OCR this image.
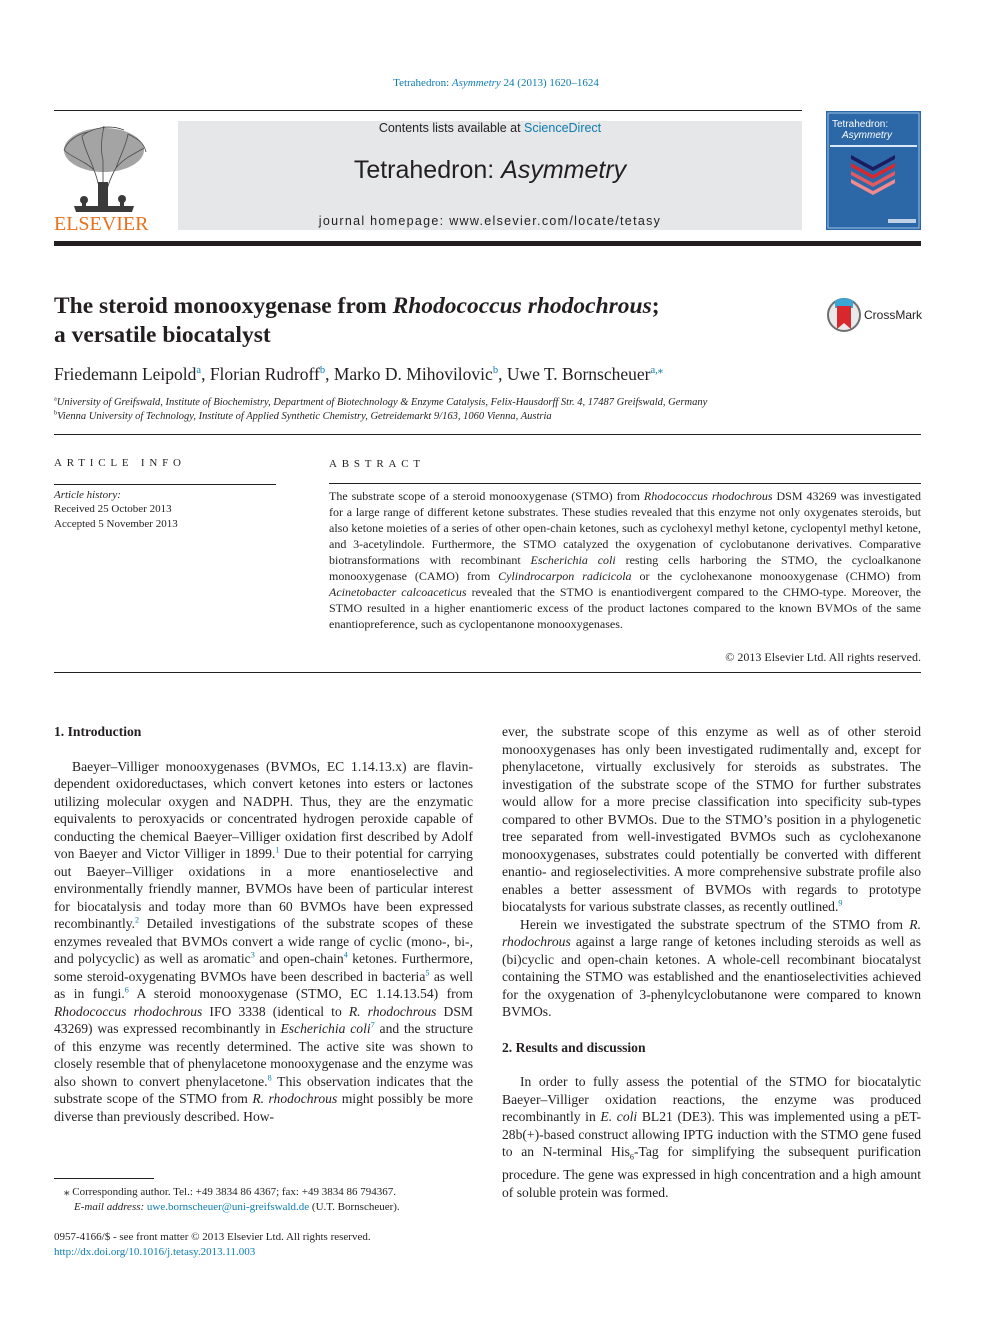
Tetrahedron: Asymmetry 24 (2013) 1620–1624
ELSEVIER
Contents lists available at ScienceDirect
Tetrahedron: Asymmetry
journal homepage: www.elsevier.com/locate/tetasy
Tetrahedron:
Asymmetry
The steroid monooxygenase from Rhodococcus rhodochrous;
a versatile biocatalyst
CrossMark
Friedemann Leipold$^a$, Florian Rudroff$^b$, Marko D. Mihovilovic$^b$, Uwe T. Bornscheuer$^{a,⁎}$
$^a$University of Greifswald, Institute of Biochemistry, Department of Biotechnology & Enzyme Catalysis, Felix-Hausdorff Str. 4, 17487 Greifswald, Germany
$^b$Vienna University of Technology, Institute of Applied Synthetic Chemistry, Getreidemarkt 9/163, 1060 Vienna, Austria
ARTICLE INFO
Article history:
Received 25 October 2013
Accepted 5 November 2013
ABSTRACT
The substrate scope of a steroid monooxygenase (STMO) from Rhodococcus rhodochrous DSM 43269 was investigated for a large range of different ketone substrates. These studies revealed that this enzyme not only oxygenates steroids, but also ketone moieties of a series of other open-chain ketones, such as cyclohexyl methyl ketone, cyclopentyl methyl ketone, and 3-acetylindole. Furthermore, the STMO catalyzed the oxygenation of cyclobutanone derivatives. Comparative biotransformations with recombinant Escherichia coli resting cells harboring the STMO, the cycloalkanone monooxygenase (CAMO) from Cylindrocarpon radicicola or the cyclohexanone monooxygenase (CHMO) from Acinetobacter calcoaceticus revealed that the STMO is enantiodivergent compared to the CHMO-type. Moreover, the STMO resulted in a higher enantiomeric excess of the product lactones compared to the known BVMOs of the same enantiopreference, such as cyclopentanone monooxygenases.
© 2013 Elsevier Ltd. All rights reserved.
1. Introduction

Baeyer–Villiger monooxygenases (BVMOs, EC 1.14.13.x) are flavin-dependent oxidoreductases, which convert ketones into esters or lactones utilizing molecular oxygen and NADPH. Thus, they are the enzymatic equivalents to peroxyacids or concentrated hydrogen peroxide capable of conducting the chemical Baeyer–Villiger oxidation first described by Adolf von Baeyer and Victor Villiger in 1899.$^1$ Due to their potential for carrying out Baeyer–Villiger oxidations in a more enantioselective and environmentally friendly manner, BVMOs have been of particular interest for biocatalysis and today more than 60 BVMOs have been expressed recombinantly.$^2$ Detailed investigations of the substrate scopes of these enzymes revealed that BVMOs convert a wide range of cyclic (mono-, bi-, and polycyclic) as well as aromatic$^3$ and open-chain$^4$ ketones. Furthermore, some steroid-oxygenating BVMOs have been described in bacteria$^5$ as well as in fungi.$^6$ A steroid monooxygenase (STMO, EC 1.14.13.54) from Rhodococcus rhodochrous IFO 3338 (identical to R. rhodochrous DSM 43269) was expressed recombinantly in Escherichia coli$^7$ and the structure of this enzyme was recently determined. The active site was shown to closely resemble that of phenylacetone monooxygenase and the enzyme was also shown to convert phenylacetone.$^8$ This observation indicates that the substrate scope of the STMO from R. rhodochrous might possibly be more diverse than previously described. How-

ever, the substrate scope of this enzyme as well as of other steroid monooxygenases has only been investigated rudimentally and, except for phenylacetone, virtually exclusively for steroids as substrates. The investigation of the substrate scope of the STMO for further substrates would allow for a more precise classification into specificity sub-types compared to other BVMOs. Due to the STMO’s position in a phylogenetic tree separated from well-investigated BVMOs such as cyclohexanone monooxygenases, substrates could potentially be converted with different enantio- and regioselectivities. A more comprehensive substrate profile also enables a better assessment of BVMOs with regards to prototype biocatalysts for various substrate classes, as recently outlined.$^9$

Herein we investigated the substrate spectrum of the STMO from R. rhodochrous against a large range of ketones including steroids as well as (bi)cyclic and open-chain ketones. A whole-cell recombinant biocatalyst containing the STMO was established and the enantioselectivities achieved for the oxygenation of 3-phenylcyclobutanone were compared to known BVMOs.

2. Results and discussion

In order to fully assess the potential of the STMO for biocatalytic Baeyer–Villiger oxidation reactions, the enzyme was produced recombinantly in E. coli BL21 (DE3). This was implemented using a pET-28b(+)-based construct allowing IPTG induction with the STMO gene fused to an N-terminal His$_6$-Tag for simplifying the subsequent purification procedure. The gene was expressed in high concentration and a high amount of soluble protein was formed.

⁎ Corresponding author. Tel.: +49 3834 86 4367; fax: +49 3834 86 794367.
E-mail address: uwe.bornscheuer@uni-greifswald.de (U.T. Bornscheuer).
0957-4166/$ - see front matter © 2013 Elsevier Ltd. All rights reserved.
http://dx.doi.org/10.1016/j.tetasy.2013.11.003
